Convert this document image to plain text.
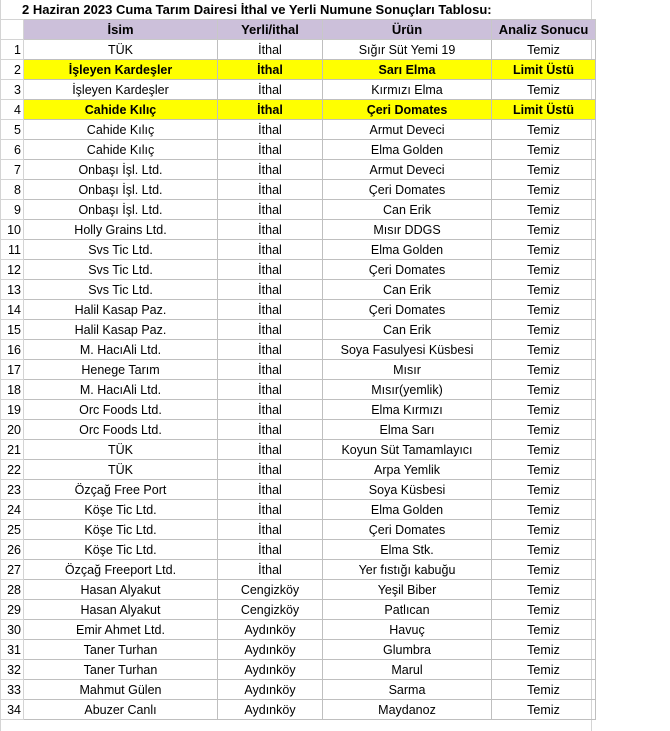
2 Haziran 2023 Cuma Tarım Dairesi İthal ve Yerli Numune Sonuçları Tablosu:
	İsim	Yerli/ithal	Ürün	Analiz Sonucu
1	TÜK	İthal	Sığır Süt Yemi 19	Temiz
2	İşleyen Kardeşler	İthal	Sarı Elma	Limit Üstü
3	İşleyen Kardeşler	İthal	Kırmızı Elma	Temiz
4	Cahide Kılıç	İthal	Çeri Domates	Limit Üstü
5	Cahide Kılıç	İthal	Armut Deveci	Temiz
6	Cahide Kılıç	İthal	Elma Golden	Temiz
7	Onbaşı İşl. Ltd.	İthal	Armut Deveci	Temiz
8	Onbaşı İşl. Ltd.	İthal	Çeri Domates	Temiz
9	Onbaşı İşl. Ltd.	İthal	Can Erik	Temiz
10	Holly Grains Ltd.	İthal	Mısır DDGS	Temiz
11	Svs Tic Ltd.	İthal	Elma Golden	Temiz
12	Svs Tic Ltd.	İthal	Çeri Domates	Temiz
13	Svs Tic Ltd.	İthal	Can Erik	Temiz
14	Halil Kasap Paz.	İthal	Çeri Domates	Temiz
15	Halil Kasap Paz.	İthal	Can Erik	Temiz
16	M. HacıAli Ltd.	İthal	Soya Fasulyesi Küsbesi	Temiz
17	Henege Tarım	İthal	Mısır	Temiz
18	M. HacıAli Ltd.	İthal	Mısır(yemlik)	Temiz
19	Orc Foods Ltd.	İthal	Elma Kırmızı	Temiz
20	Orc Foods Ltd.	İthal	Elma Sarı	Temiz
21	TÜK	İthal	Koyun Süt Tamamlayıcı	Temiz
22	TÜK	İthal	Arpa Yemlik	Temiz
23	Özçağ Free Port	İthal	Soya Küsbesi	Temiz
24	Köşe Tic Ltd.	İthal	Elma Golden	Temiz
25	Köşe Tic Ltd.	İthal	Çeri Domates	Temiz
26	Köşe Tic Ltd.	İthal	Elma Stk.	Temiz
27	Özçağ Freeport Ltd.	İthal	Yer fıstığı kabuğu	Temiz
28	Hasan Alyakut	Cengizköy	Yeşil Biber	Temiz
29	Hasan Alyakut	Cengizköy	Patlıcan	Temiz
30	Emir Ahmet Ltd.	Aydınköy	Havuç	Temiz
31	Taner Turhan	Aydınköy	Glumbra	Temiz
32	Taner Turhan	Aydınköy	Marul	Temiz
33	Mahmut Gülen	Aydınköy	Sarma	Temiz
34	Abuzer Canlı	Aydınköy	Maydanoz	Temiz
